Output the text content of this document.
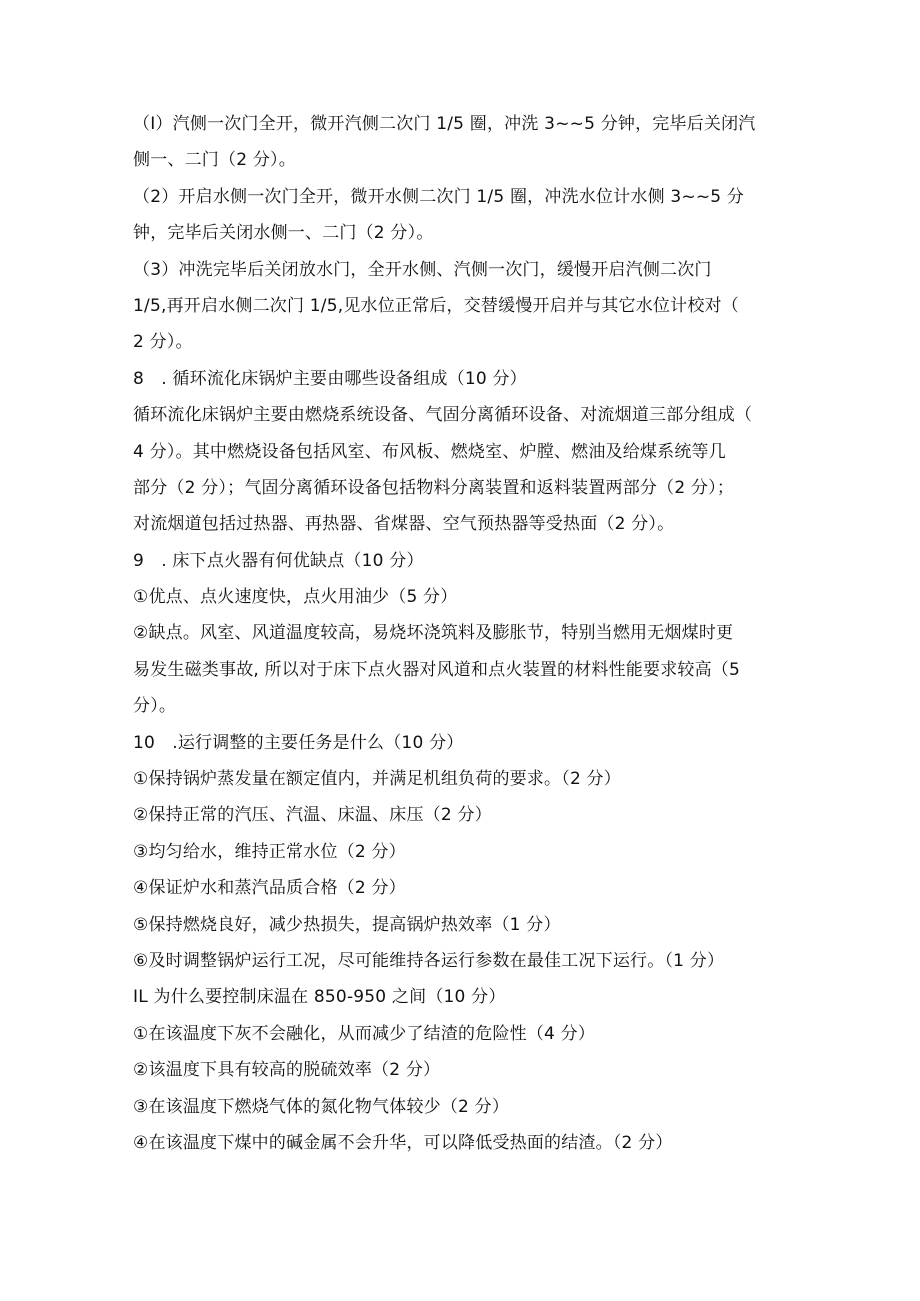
（I）汽侧一次门全开，微开汽侧二次门 1/5 圈，冲洗 3~~5 分钟，完毕后关闭汽
侧一、二门（2 分）。
（2）开启水侧一次门全开，微开水侧二次门 1/5 圈，冲洗水位计水侧 3~~5 分
钟，完毕后关闭水侧一、二门（2 分）。
（3）冲洗完毕后关闭放水门，全开水侧、汽侧一次门，缓慢开启汽侧二次门
1/5,再开启水侧二次门 1/5,见水位正常后，交替缓慢开启并与其它水位计校对（
2 分）。
8　. 循环流化床锅炉主要由哪些设备组成（10 分）
循环流化床锅炉主要由燃烧系统设备、气固分离循环设备、对流烟道三部分组成（
4 分）。其中燃烧设备包括风室、布风板、燃烧室、炉膛、燃油及给煤系统等几
部分（2 分）；气固分离循环设备包括物料分离装置和返料装置两部分（2 分）；
对流烟道包括过热器、再热器、省煤器、空气预热器等受热面（2 分）。
9　. 床下点火器有何优缺点（10 分）
①优点、点火速度快，点火用油少（5 分）
②缺点。风室、风道温度较高，易烧坏浇筑料及膨胀节，特别当燃用无烟煤时更
易发生磁类事故, 所以对于床下点火器对风道和点火装置的材料性能要求较高（5
分）。
10　.运行调整的主要任务是什么（10 分）
①保持锅炉蒸发量在额定值内，并满足机组负荷的要求。（2 分）
②保持正常的汽压、汽温、床温、床压（2 分）
③均匀给水，维持正常水位（2 分）
④保证炉水和蒸汽品质合格（2 分）
⑤保持燃烧良好，减少热损失，提高锅炉热效率（1 分）
⑥及时调整锅炉运行工况，尽可能维持各运行参数在最佳工况下运行。（1 分）
IL 为什么要控制床温在 850-950 之间（10 分）
①在该温度下灰不会融化，从而减少了结渣的危险性（4 分）
②该温度下具有较高的脱硫效率（2 分）
③在该温度下燃烧气体的氮化物气体较少（2 分）
④在该温度下煤中的碱金属不会升华，可以降低受热面的结渣。（2 分）
